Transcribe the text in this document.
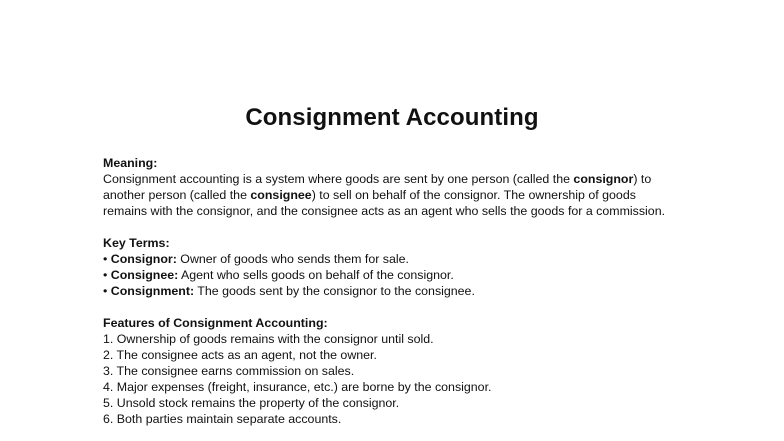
Consignment Accounting
Meaning:

Consignment accounting is a system where goods are sent by one person (called the consignor) to another person (called the consignee) to sell on behalf of the consignor. The ownership of goods remains with the consignor, and the consignee acts as an agent who sells the goods for a commission.

Key Terms:
• Consignor: Owner of goods who sends them for sale.
• Consignee: Agent who sells goods on behalf of the consignor.
• Consignment: The goods sent by the consignor to the consignee.
Features of Consignment Accounting:
1. Ownership of goods remains with the consignor until sold.
2. The consignee acts as an agent, not the owner.
3. The consignee earns commission on sales.
4. Major expenses (freight, insurance, etc.) are borne by the consignor.
5. Unsold stock remains the property of the consignor.
6. Both parties maintain separate accounts.
